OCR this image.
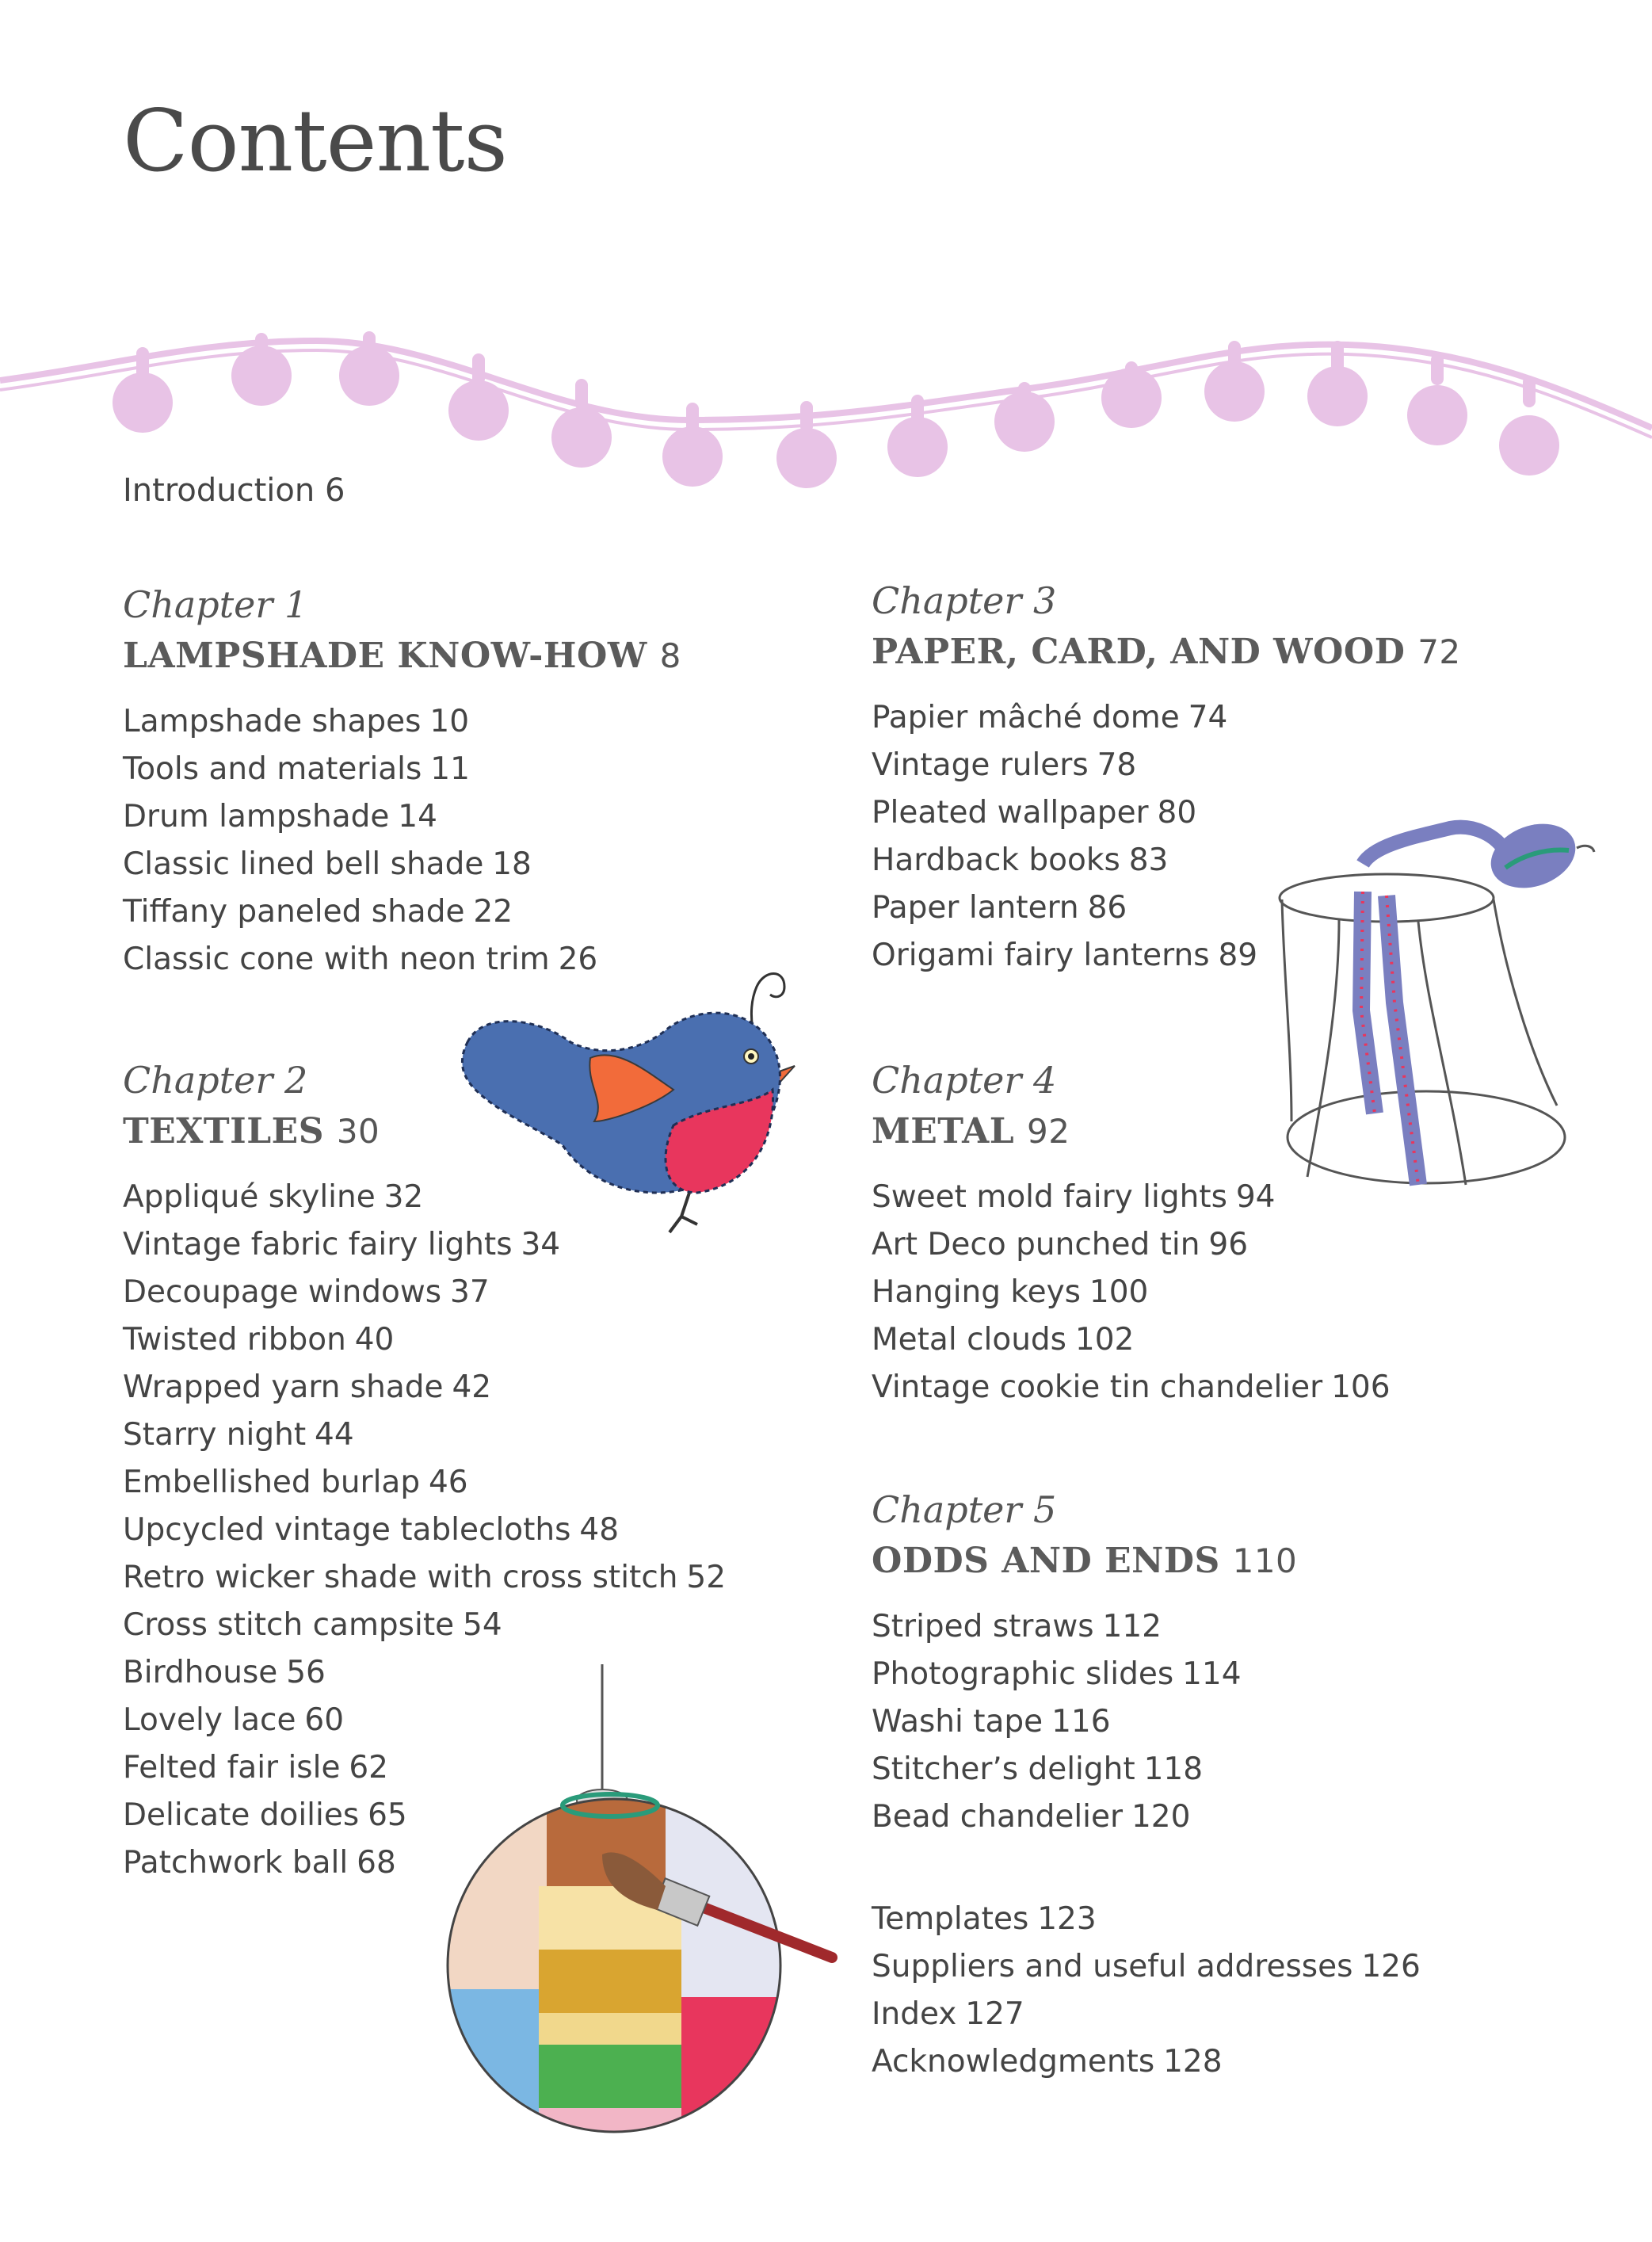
Contents
Introduction 6

Chapter 1

LAMPSHADE KNOW-HOW 8
Lampshade shapes 10
Tools and materials 11
Drum lampshade 14
Classic lined bell shade 18
Tiffany paneled shade 22
Classic cone with neon trim 26

Chapter 2

TEXTILES 30
Appliqué skyline 32
Vintage fabric fairy lights 34
Decoupage windows 37
Twisted ribbon 40
Wrapped yarn shade 42
Starry night 44
Embellished burlap 46
Upcycled vintage tablecloths 48
Retro wicker shade with cross stitch 52
Cross stitch campsite 54
Birdhouse 56
Lovely lace 60
Felted fair isle 62
Delicate doilies 65
Patchwork ball 68

Chapter 3

PAPER, CARD, AND WOOD 72
Papier mâché dome 74
Vintage rulers 78
Pleated wallpaper 80
Hardback books 83
Paper lantern 86
Origami fairy lanterns 89

Chapter 4

METAL 92
Sweet mold fairy lights 94
Art Deco punched tin 96
Hanging keys 100
Metal clouds 102
Vintage cookie tin chandelier 106

Chapter 5

ODDS AND ENDS 110
Striped straws 112
Photographic slides 114
Washi tape 116
Stitcher’s delight 118
Bead chandelier 120
Templates 123
Suppliers and useful addresses 126
Index 127
Acknowledgments 128
